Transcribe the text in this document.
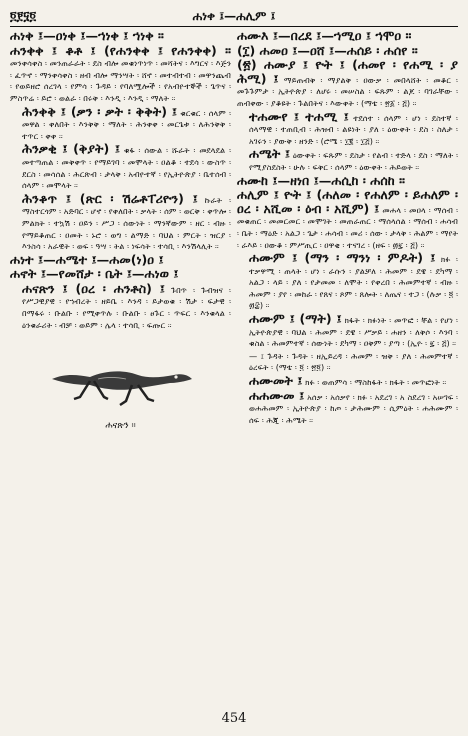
፬፻፶፬	ሐነቀ ፤—ሐሊም ፤
ሐነቀ ፤—ዐነቀ ፤—ኀነቀ ፤ ኀነቀ ።
ሐንቀቀ ፤ ቆቶ ፤ (የሐንቀቀ ፤ የሐንቀቀ) ። መንቀሳቀስ ፡ መንጠራራት ፡ ደስ ብሎ መቁነጥነጥ ፡ መሻትና ፡ እግርና ፡ እጅን ፡ ፈጥኖ ፡ ማንቀሳቀስ ፡ ዘብ ብሎ ማንሣት ፡ ሸኖ ፡ መተብተብ ፡ መዋንጨብ ፡ የወይዘሮ ሰረገላ ፡ የምሳ ፡ ጉዳይ ፡ የባለሟሎች ፡ የአብዮተኞች ፡ ጌጥና ፡ ምስጥሬ ፡ ይሮ ፡ ወልራ ፡ በሩቅ ፡ እንዲ ፡ እንዲ ፡ ማለት ።
ሕንቀቅ ፤ (ቃን ፡ ቃት ፡ ቅቅት) ፤ ቁርቁር ፡ ሰላም ፡ መዋል ፡ ቀለበት ፡ እንቅቅ ፡ ማለት ፡ ሕንቀቀ ፡ መርጌቱ ፡ ለሕንቅቅ ፡ ተጥር ፡ ቀቀ ።
ሕንቃቂ ፤ (ቅያት) ፤ ቁፋ ፡ ሰውል ፡ ሹራት ፡ መደላደል ፡ መተጣጠል ፡ መቅቀጥ ፡ የማይገባ ፡ መሞላት ፡ ዐልቆ ፡ ተደሳ ፡ ውስጥ ፡ ደርስ ፡ መሳሰል ፡ ሕርጽብ ፡ ታላቅ ፡ አብዮተኛ ፡ የኢትዮጵያ ፡ ቤተሰብ ፡ ሰላም ፡ መሞላት ።
ሕንቆጥ ፤ (ጽር ፡ ሽሬቶፐሪዮን) ፤ ኩራት ፡ ማስተርጎም ፡ አድባር ፡ ሆኖ ፡ የቀለበት ፡ ቃላት ፡ ሰም ፡ ወርቅ ፡ ቀጥሎ ፡ ምልክት ፡ ተኳሽ ፡ ዐይን ፡ ሥጋ ፡ ሰውነት ፡ ማንኛውም ፡ ዘር ፡ ብዙ ፡ የማይቆጠር ፡ ዐመት ፡ ኑሮ ፡ ወግ ፡ ልማድ ፡ ባህል ፡ ምርት ፡ ዝርያ ፡ እንስሳ ፡ አራዊት ፡ ወፍ ፡ ዓሣ ፡ ትል ፡ ነፍሳት ፡ ተሳቢ ፡ እንሽላሊት ።
ሐነተ ፤—ሐሜተ ፤—ሐመ(ነ)ዐ ፤
ሐኖት ፤—የመሸታ ፡ ቤት ፤—ሐነወ ፤
ሐናጽን ፤ (ዐረ ፡ ሐንቶስ) ፤ ጉበጥ ፡ ጉብዝና ፡ የሥጋዊያዊ ፡ የኀብረት ፡ ዘይቤ ፡ እንዳ ፡ ይታወቁ ፡ ሽታ ፡ ፍታዊ ፡ በማፋሩ ፡ ቡልቡ ፡ የሚቀጥሉ ፡ ቡልቡ ፡ ፀጉር ፡ ጥፍር ፡ እንቁላል ፡ ዕንቁራሪት ፡ ብቻ ፡ ወይም ፡ ሌላ ፡ ተሳቢ ፡ ፍጡር ።
ሐናጽን ።
ሐሙእ ፤—በረደ ፤—ኀሚዐ ፤ ኀሞዐ ።
(፲) ሐመዐ ፤—ዐሸ ፤—ሐሰይ ፡ ሐሰየ ።
(፳) ሐሙያ ፤ ዮት ፤ (ሐመየ ፡ የሐሚ ፡ ያ ሕሚ) ፤ ማይጠብቅ ፡ ማያልቅ ፡ ዐውቃ ፡ መበላሸት ፡ መቆር ፡ መጉጉምታ ፡ ኢትዮጵያ ፡ ለሆሩ ፡ መሠስል ፡ ፍጹም ፡ ልጆ ፡ ባገራቸው ፡ ጠብቀው ፡ ያቆዩት ፡ ጉልበትና ፡ እውቀት ፡ (ማቴ ፡ ፳፩ ፡ ፭) ።
ተሐሙየ ፤ ተሐሚ ፤ ተደሰተ ፡ ሰላም ፡ ሆነ ፡ ደስተኛ ፡ ሰላማዊ ፡ ተጠቢብ ፡ ሕዝብ ፡ ልዩነት ፡ ያለ ፡ ዕውቀት ፡ ደስ ፡ ስለታ ፡ አገሩን ፡ ያውቅ ፡ ዘንድ ፡ (ሮሜ ፡ ፲፪ ፡ ፲፭) ።
ሐሜት ፤ ዕውቀት ፡ ፍጹም ፡ ደስታ ፡ የልብ ፡ ተድላ ፡ ደስ ፡ ማለት ፡ የሚያስደስት ፡ ሁሉ ፡ ፍቅር ፡ ሰላም ፡ ዕውቀት ፡ ሕይወት ።
ሐሙከ ፤—ዘነበ ፤—ሐሲከ ፡ ሐሰከ ።
ሐሊም ፤ ዮት ፤ (ሐለመ ፡ የሐለም ፡ ይሐለም ፡ ዐረ ፡ አሺመ ፡ ዕብ ፡ አሺም) ፤ መሐላ ፡ መዐላ ፡ ማሰብ ፡ መቁጠር ፡ መመርመር ፡ መሞገት ፡ መጠራጠር ፡ ማሰላሰል ፡ ማሰብ ፡ ሐሳብ ፡ ቤት ፡ ማዕድ ፡ አልጋ ፡ ጌታ ፡ ሐሳብ ፡ መሪ ፡ ሰው ፡ ታላቅ ፡ ሕልም ፡ ማየት ፡ ራእይ ፡ ዐውቆ ፡ ምሥጢር ፡ ዐዋቂ ፡ ተናገረ ፡ (ዘፍ ፡ ፴፯ ፡ ፭) ።
ሐሙም ፤ (ማን ፡ ማንነ ፡ ምዶት) ፤ ክፉ ፡ ተቃዋሚ ፡ ጠላት ፡ ሆነ ፡ ራሱን ፡ ያልቻለ ፡ ሕመም ፡ ደዌ ፡ ደካማ ፡ አልጋ ፡ ላይ ፡ ያለ ፡ የታመመ ፡ ለሞት ፡ የቀረበ ፡ ሕመምተኛ ፡ ብዙ ፡ ሕመም ፡ ያየ ፡ መከራ ፡ የጸና ፡ ጾም ፡ ጸሎት ፡ ለጤና ፡ ተጋ ፡ (ሉቃ ፡ ፬ ፡ ፴፰) ።
ሐሙም ፤ (ማት) ፤ ክፋት ፡ ክፉነት ፡ መጥፎ ፡ ቸል ፡ የሆነ ፡ ኢትዮጵያዊ ፡ ባህል ፡ ሕመም ፡ ደዌ ፡ ሥቃይ ፡ ሐዘን ፡ ለቅሶ ፡ እንባ ፡ ቁስል ፡ ሕመምተኛ ፡ ሰውነት ፡ ደካማ ፡ ዐቅም ፡ ያጣ ፡ (ኢዮ ፡ ፯ ፡ ፭) ።
— ፤ ጉዳት ፡ ጉዳት ፡ ዘኢይረዳ ፡ ሕመም ፡ ዝቅ ፡ ያለ ፡ ሕመምተኛ ፡ ዕረፍት ፡ (ማቴ ፡ ፬ ፡ ፳፬) ።
ሐሙመት ፤ ክፉ ፡ ወጠምሳ ፡ ማስከፋት ፡ ክፋት ፡ መጥፎነት ።
ሐሐሙመ ፤ አሰቃ ፡ አሰቃየ ፡ ክፉ ፡ አደረገ ፡ አ ስደረገ ፡ አሠገፍ ፡ ወሐሕመም ፡ ኢትዮጵያ ፡ ከጦ ፡ ታሕሙም ፡ ሲምዕት ፡ ሐሕሙም ፡ ሰፍ ፡ ሕጂ ፡ ሕሜት ።
454
